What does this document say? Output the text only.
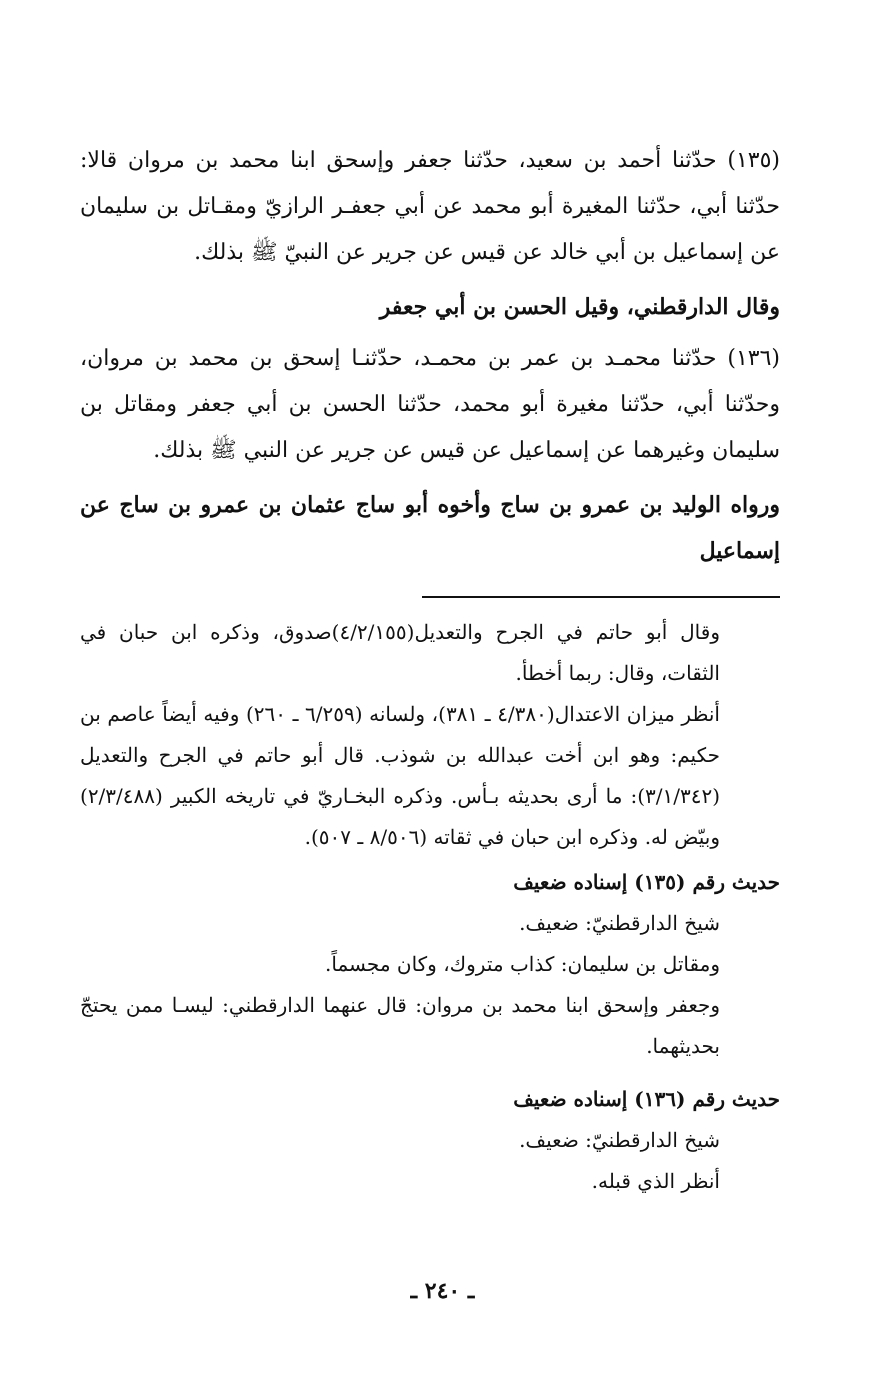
(١٣٥) حدّثنا أحمد بن سعيد، حدّثنا جعفر وإسحق ابنا محمد بن مروان قالا: حدّثنا أبي، حدّثنا المغيرة أبو محمد عن أبي جعفـر الرازيّ ومقـاتل بن سليمان عن إسماعيل بن أبي خالد عن قيس عن جرير عن النبيّ ﷺ بذلك.

وقال الدارقطني، وقيل الحسن بن أبي جعفر

(١٣٦) حدّثنا محمـد بن عمر بن محمـد، حدّثنـا إسحق بن محمد بن مروان، وحدّثنا أبي، حدّثنا مغيرة أبو محمد، حدّثنا الحسن بن أبي جعفر ومقاتل بن سليمان وغيرهما عن إسماعيل عن قيس عن جرير عن النبي ﷺ بذلك.

ورواه الوليد بن عمرو بن ساج وأخوه أبو ساج عثمان بن عمرو بن ساج عن إسماعيل

وقال أبو حاتم في الجرح والتعديل(٤/٢/١٥٥)صدوق، وذكره ابن حبان في الثقات، وقال: ربما أخطأ.

أنظر ميزان الاعتدال(٤/٣٨٠ ـ ٣٨١)، ولسانه (٦/٢٥٩ ـ ٢٦٠) وفيه أيضاً عاصم بن حكيم: وهو ابن أخت عبدالله بن شوذب. قال أبو حاتم في الجرح والتعديل (٣/١/٣٤٢): ما أرى بحديثه بـأس. وذكره البخـاريّ في تاريخه الكبير (٢/٣/٤٨٨) وبيّض له. وذكره ابن حبان في ثقاته (٨/٥٠٦ ـ ٥٠٧).

حديث رقم (١٣٥) إسناده ضعيف

شيخ الدارقطنيّ: ضعيف.

ومقاتل بن سليمان: كذاب متروك، وكان مجسماً.

وجعفر وإسحق ابنا محمد بن مروان: قال عنهما الدارقطني: ليسـا ممن يحتجّ بحديثهما.

حديث رقم (١٣٦) إسناده ضعيف

شيخ الدارقطنيّ: ضعيف.

أنظر الذي قبله.

ـ ٢٤٠ ـ
